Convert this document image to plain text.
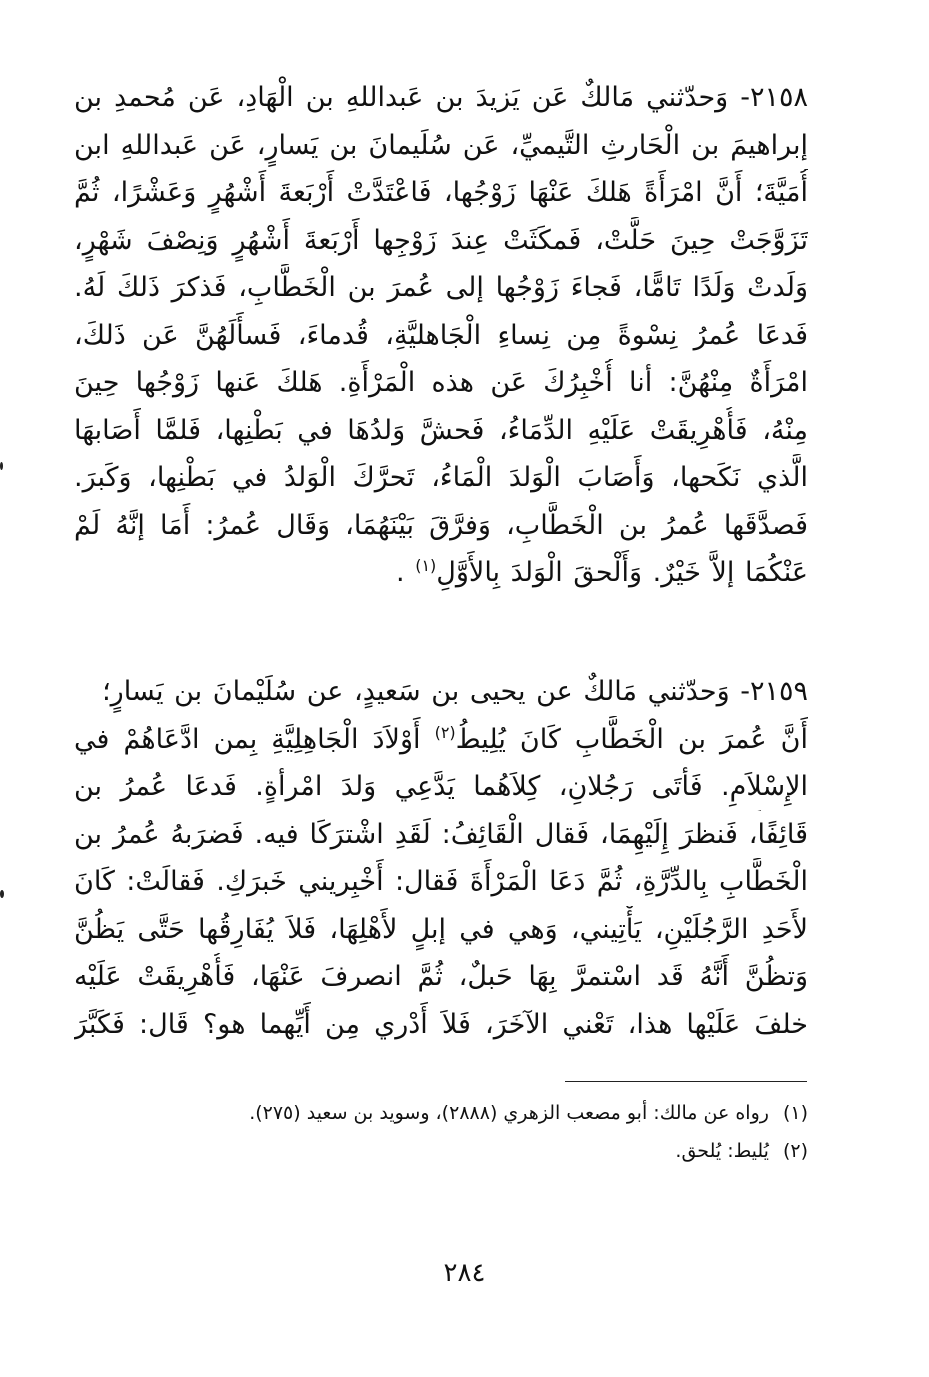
٢١٥٨- وَحدّثني مَالكٌ عَن يَزيدَ بن عَبداللهِ بن الْهَادِ، عَن مُحمدِ بن
إبراهيمَ بن الْحَارثِ التَّيميِّ، عَن سُلَيمانَ بن يَسارٍ، عَن عَبداللهِ ابن
أُمَيَّةَ؛ أَنَّ امْرَأَةً هَلكَ عَنْهَا زَوْجُها، فَاعْتَدَّتْ أَرْبَعةَ أَشْهُرٍ وَعَشْرًا، ثُمَّ
تَزَوَّجَتْ حِينَ حَلَّتْ، فَمكَثَتْ عِندَ زَوْجِها أَرْبَعةَ أَشْهُرٍ وَنِصْفَ شَهْرٍ،
وَلَدتْ وَلَدًا تَامًّا، فَجاءَ زَوْجُها إلى عُمرَ بن الْخَطَّابِ، فَذكرَ ذَلكَ لَهُ.
فَدعَا عُمرُ نِسْوةً مِن نِساءِ الْجَاهليَّةِ، قُدماءَ، فَسأَلَهُنَّ عَن ذَلكَ،
امْرَأَةٌ مِنْهُنَّ: أنا أُخْبِرُكَ عَن هذه الْمَرْأَةِ. هَلكَ عَنها زَوْجُها حِينَ
مِنْهُ، فَأُهْرِيقَتْ عَلَيْهِ الدِّمَاءُ، فَحشَّ وَلدُهَا في بَطْنِها، فَلمَّا أَصَابهَا
الَّذي نَكَحها، وَأَصَابَ الْوَلدَ الْمَاءُ، تَحرَّكَ الْوَلدُ في بَطْنِها، وَكَبرَ.
فَصدَّقَها عُمرُ بن الْخَطَّابِ، وَفرَّقَ بَيْنَهُمَا، وَقَال عُمرُ: أَمَا إنَّهُ لَمْ
عَنْكُمَا إلاَّ خَيْرٌ. وَأَلْحقَ الْوَلدَ بِالأَوَّلِ$^{(١)}$ .
٢١٥٩- وَحدّثني مَالكٌ عن يحيى بن سَعيدٍ، عن سُلَيْمانَ بن يَسارٍ؛
أَنَّ عُمرَ بن الْخَطَّابِ كَانَ يُلِيطُ$^{(٢)}$ أَوْلاَدَ الْجَاهِلِيَّةِ بِمن ادَّعَاهُمْ في
الإِسْلاَمِ. فَأتَى رَجُلانِ، كِلاَهُما يَدَّعِي وَلدَ امْرأةٍ. فَدعَا عُمرُ بن
قَائِفًا، فَنظرَ إِلَيْهِمَا، فَقال الْقَائِفُ: لَقَدِ اشْترَكَا فيه. فَضرَبهُ عُمرُ بن
الْخَطَّابِ بِالدِّرَّةِ، ثُمَّ دَعَا الْمَرْأَةَ فَقال: أَخْبِريني خَبرَكِ. فَقالَتْ: كَانَ
لأَحَدِ الرَّجُلَيْنِ، يَأْتِيني، وَهي في إبلٍ لأَهْلِهَا، فَلاَ يُفَارِقُها حَتَّى يَظُنَّ
وَتظُنَّ أَنَّهُ قَد اسْتمرَّ بِهَا حَبلٌ، ثُمَّ انصرفَ عَنْهَا، فَأُهْرِيقَتْ عَلَيْه
خلفَ عَلَيْها هذا، تَعْني الآخَرَ، فَلاَ أَدْري مِن أَيِّهما هو؟ قَال: فَكَبَّرَ
(١)رواه عن مالك: أبو مصعب الزهري (٢٨٨٨)، وسويد بن سعيد (٢٧٥).
(٢)يُليط: يُلحق.
٢٨٤
